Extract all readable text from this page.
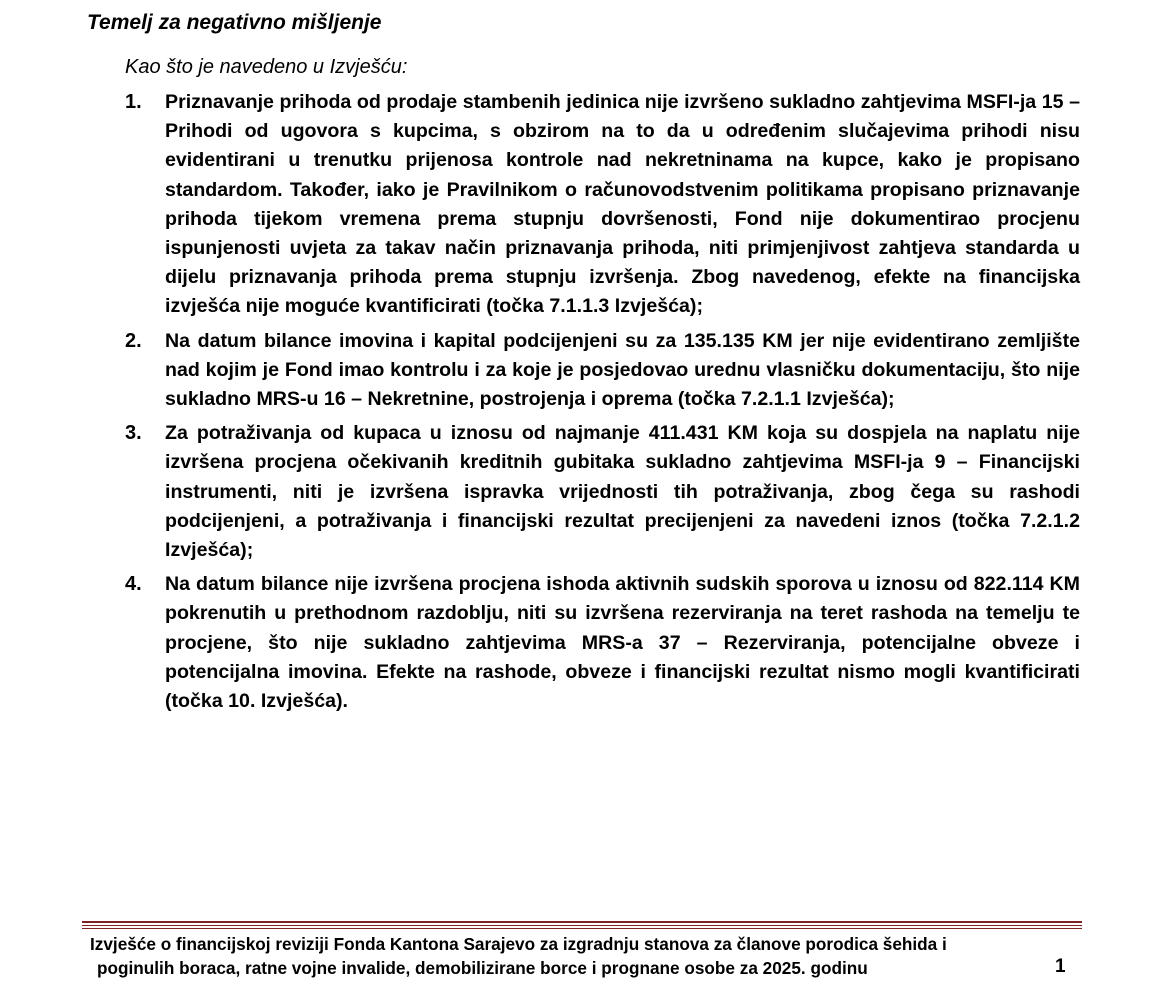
Temelj za negativno mišljenje

Kao što je navedeno u Izvješću:

1. Priznavanje prihoda od prodaje stambenih jedinica nije izvršeno sukladno zahtjevima MSFI-ja 15 – Prihodi od ugovora s kupcima, s obzirom na to da u određenim slučajevima prihodi nisu evidentirani u trenutku prijenosa kontrole nad nekretninama na kupce, kako je propisano standardom. Također, iako je Pravilnikom o računovodstvenim politikama propisano priznavanje prihoda tijekom vremena prema stupnju dovršenosti, Fond nije dokumentirao procjenu ispunjenosti uvjeta za takav način priznavanja prihoda, niti primjenjivost zahtjeva standarda u dijelu priznavanja prihoda prema stupnju izvršenja. Zbog navedenog, efekte na financijska izvješća nije moguće kvantificirati (točka 7.1.1.3 Izvješća);
2. Na datum bilance imovina i kapital podcijenjeni su za 135.135 KM jer nije evidentirano zemljište nad kojim je Fond imao kontrolu i za koje je posjedovao urednu vlasničku dokumentaciju, što nije sukladno MRS-u 16 – Nekretnine, postrojenja i oprema (točka 7.2.1.1 Izvješća);
3. Za potraživanja od kupaca u iznosu od najmanje 411.431 KM koja su dospjela na naplatu nije izvršena procjena očekivanih kreditnih gubitaka sukladno zahtjevima MSFI-ja 9 – Financijski instrumenti, niti je izvršena ispravka vrijednosti tih potraživanja, zbog čega su rashodi podcijenjeni, a potraživanja i financijski rezultat precijenjeni za navedeni iznos (točka 7.2.1.2 Izvješća);
4. Na datum bilance nije izvršena procjena ishoda aktivnih sudskih sporova u iznosu od 822.114 KM pokrenutih u prethodnom razdoblju, niti su izvršena rezerviranja na teret rashoda na temelju te procjene, što nije sukladno zahtjevima MRS-a 37 – Rezerviranja, potencijalne obveze i potencijalna imovina. Efekte na rashode, obveze i financijski rezultat nismo mogli kvantificirati (točka 10. Izvješća).
Izvješće o financijskoj reviziji Fonda Kantona Sarajevo za izgradnju stanova za članove porodica šehida i
poginulih boraca, ratne vojne invalide, demobilizirane borce i prognane osobe za 2025. godinu	1
